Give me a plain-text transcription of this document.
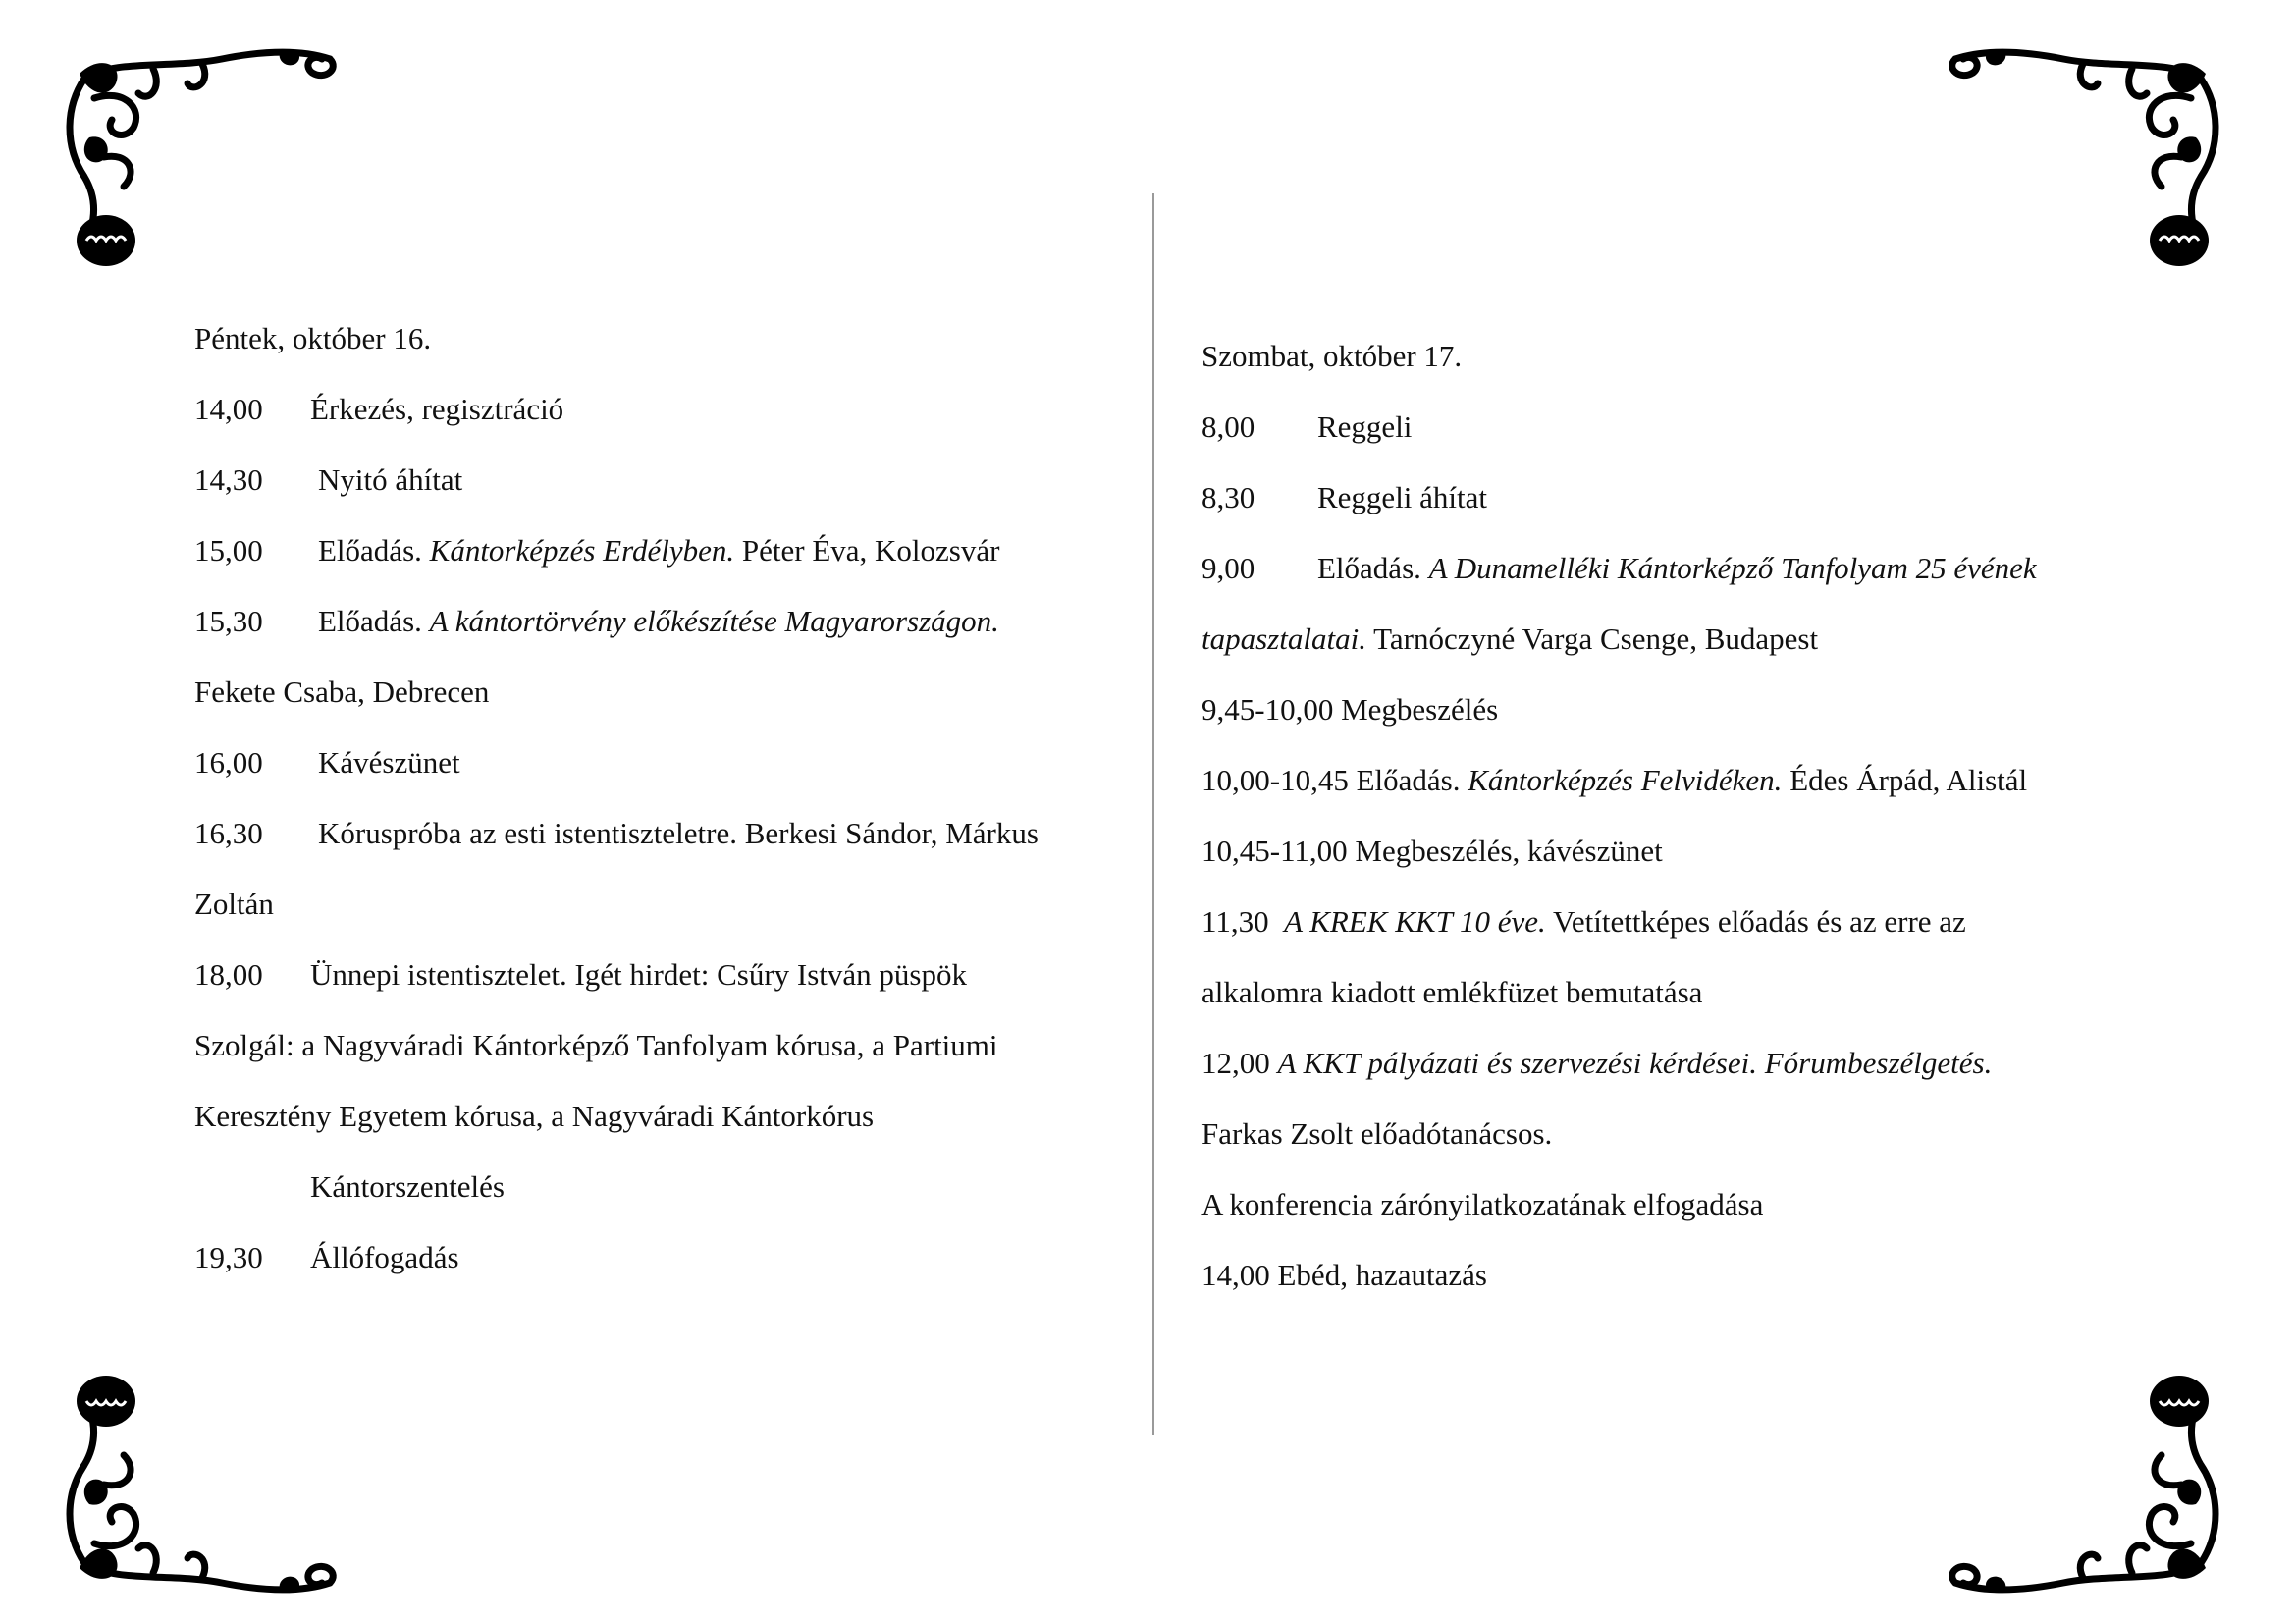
Péntek, október 16.
14,00 Érkezés, regisztráció
14,30 Nyitó áhítat
15,00 Előadás. Kántorképzés Erdélyben. Péter Éva, Kolozsvár
15,30 Előadás. A kántortörvény előkészítése Magyarországon.
Fekete Csaba, Debrecen
16,00 Kávészünet
16,30 Kóruspróba az esti istentiszteletre. Berkesi Sándor, Márkus
Zoltán
18,00 Ünnepi istentisztelet. Igét hirdet: Csűry István püspök
Szolgál: a Nagyváradi Kántorképző Tanfolyam kórusa, a Partiumi
Keresztény Egyetem kórusa, a Nagyváradi Kántorkórus
Kántorszentelés
19,30 Állófogadás
Szombat, október 17.
8,00 Reggeli
8,30 Reggeli áhítat
9,00 Előadás. A Dunamelléki Kántorképző Tanfolyam 25 évének
tapasztalatai. Tarnóczyné Varga Csenge, Budapest
9,45-10,00 Megbeszélés
10,00-10,45 Előadás. Kántorképzés Felvidéken. Édes Árpád, Alistál
10,45-11,00 Megbeszélés, kávészünet
11,30  A KREK KKT 10 éve. Vetítettképes előadás és az erre az
alkalomra kiadott emlékfüzet bemutatása
12,00 A KKT pályázati és szervezési kérdései. Fórumbeszélgetés.
Farkas Zsolt előadótanácsos.
A konferencia zárónyilatkozatának elfogadása
14,00 Ebéd, hazautazás
